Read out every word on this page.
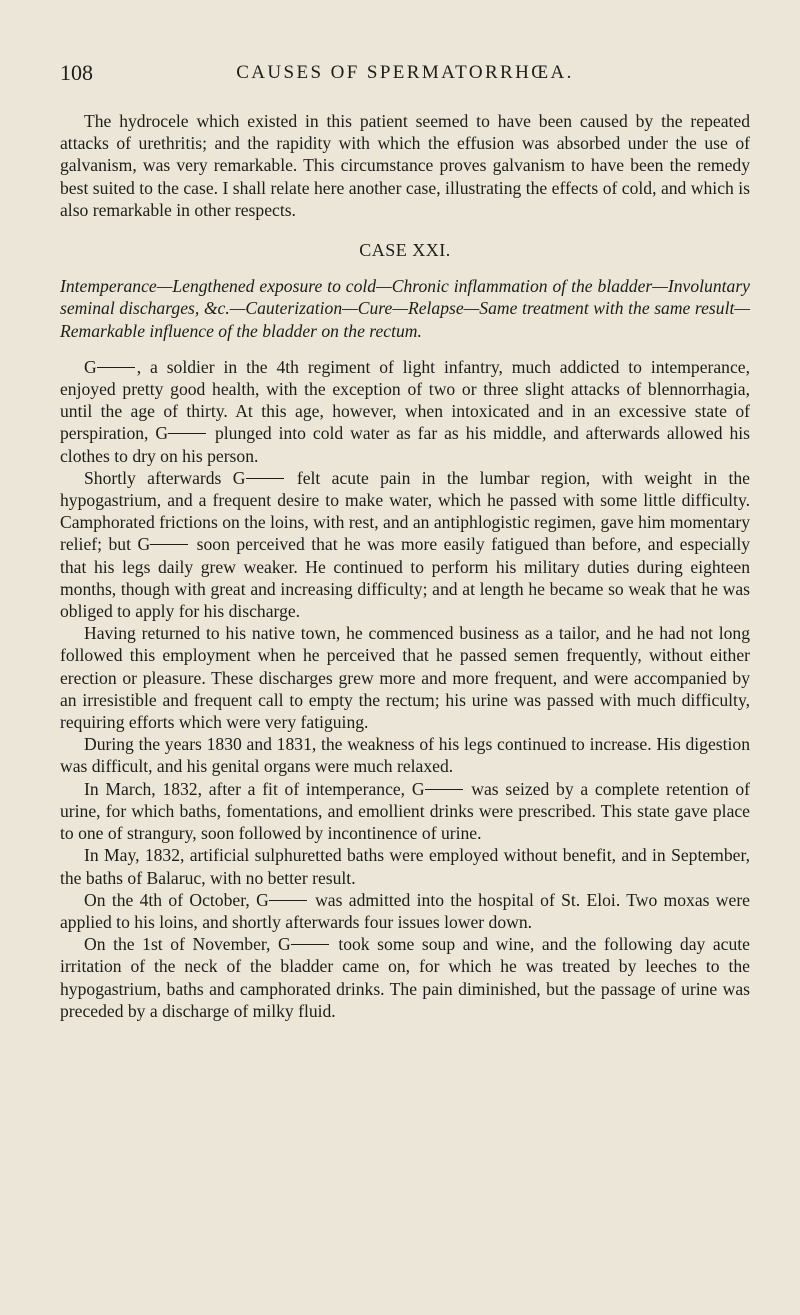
108	CAUSES OF SPERMATORRHŒA.

The hydrocele which existed in this patient seemed to have been caused by the repeated attacks of urethritis; and the rapidity with which the effusion was absorbed under the use of galvanism, was very remarkable. This circumstance proves galvanism to have been the remedy best suited to the case. I shall relate here another case, illustrating the effects of cold, and which is also remarkable in other respects.

CASE XXI.

Intemperance—Lengthened exposure to cold—Chronic inflammation of the bladder—Involuntary seminal discharges, &c.—Cauterization—Cure—Relapse—Same treatment with the same result—Remarkable influence of the bladder on the rectum.

G , a soldier in the 4th regiment of light infantry, much addicted to intemperance, enjoyed pretty good health, with the exception of two or three slight attacks of blennorrhagia, until the age of thirty. At this age, however, when intoxicated and in an excessive state of perspiration, G	plunged into cold water as far as his middle, and afterwards allowed his clothes to dry on his person.

Shortly afterwards G	felt acute pain in the lumbar region, with weight in the hypogastrium, and a frequent desire to make water, which he passed with some little difficulty. Camphorated frictions on the loins, with rest, and an antiphlogistic regimen, gave him momentary relief; but G	soon perceived that he was more easily fatigued than before, and especially that his legs daily grew weaker. He continued to perform his military duties during eighteen months, though with great and increasing difficulty; and at length he became so weak that he was obliged to apply for his discharge.

Having returned to his native town, he commenced business as a tailor, and he had not long followed this employment when he perceived that he passed semen frequently, without either erection or pleasure. These discharges grew more and more frequent, and were accompanied by an irresistible and frequent call to empty the rectum; his urine was passed with much difficulty, requiring efforts which were very fatiguing.

During the years 1830 and 1831, the weakness of his legs continued to increase. His digestion was difficult, and his genital organs were much relaxed.

In March, 1832, after a fit of intemperance, G	was seized by a complete retention of urine, for which baths, fomentations, and emollient drinks were prescribed. This state gave place to one of strangury, soon followed by incontinence of urine.

In May, 1832, artificial sulphuretted baths were employed without benefit, and in September, the baths of Balaruc, with no better result.

On the 4th of October, G	was admitted into the hospital of St. Eloi. Two moxas were applied to his loins, and shortly afterwards four issues lower down.

On the 1st of November, G	took some soup and wine, and the following day acute irritation of the neck of the bladder came on, for which he was treated by leeches to the hypogastrium, baths and camphorated drinks. The pain diminished, but the passage of urine was preceded by a discharge of milky fluid.
